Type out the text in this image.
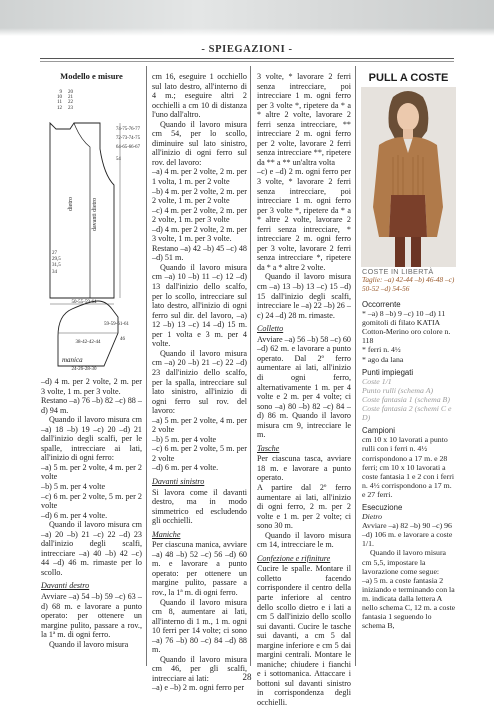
- SPIEGAZIONI -
Modello e misure
9
10
11
12
20
21
22
23
74-75-76-77
72-73-74-75
64-65-66-67
54
27
29,5
31,5
34
dietro	davanti dietro
50-55-59-64
59-59-61-61
38-42-42-44
46
manica
24-26-28-30

–d) 4 m. per 2 volte, 2 m. per 3 volte, 1 m. per 3 volte.

Restano –a) 76 –b) 82 –c) 88 –d) 94 m.

Quando il lavoro misura cm –a) 18 –b) 19 –c) 20 –d) 21 dall'inizio degli scalfi, per le spalle, intrecciare ai lati, all'inizio di ogni ferro:

–a) 5 m. per 2 volte, 4 m. per 2 volte

–b) 5 m. per 4 volte

–c) 6 m. per 2 volte, 5 m. per 2 volte

–d) 6 m. per 4 volte.

Quando il lavoro misura cm –a) 20 –b) 21 –c) 22 –d) 23 dall'inizio degli scalfi, intrecciare –a) 40 –b) 42 –c) 44 –d) 46 m. rimaste per lo scollo.

Davanti destro

Avviare –a) 54 –b) 59 –c) 63 –d) 68 m. e lavorare a punto operato: per ottenere un margine pulito, passare a rov., la 1ª m. di ogni ferro.

Quando il lavoro misura

cm 16, eseguire 1 occhiello sul lato destro, all'interno di 4 m.; eseguire altri 2 occhielli a cm 10 di distanza l'uno dall'altro.

Quando il lavoro misura cm 54, per lo scollo, diminuire sul lato sinistro, all'inizio di ogni ferro sul rov. del lavoro:

–a) 4 m. per 2 volte, 2 m. per 1 volta, 1 m. per 2 volte

–b) 4 m. per 2 volte, 2 m. per 2 volte, 1 m. per 2 volte

–c) 4 m. per 2 volte, 2 m. per 2 volte, 1 m. per 3 volte

–d) 4 m. per 2 volte, 2 m. per 3 volte, 1 m. per 3 volte.

Restano –a) 42 –b) 45 –c) 48 –d) 51 m.

Quando il lavoro misura cm –a) 10 –b) 11 –c) 12 –d) 13 dall'inizio dello scalfo, per lo scollo, intrecciare sul lato destro, all'inizio di ogni ferro sul dir. del lavoro, –a) 12 –b) 13 –c) 14 –d) 15 m. per 1 volta e 3 m. per 4 volte.

Quando il lavoro misura cm –a) 20 –b) 21 –c) 22 –d) 23 dall'inizio dello scalfo, per la spalla, intrecciare sul lato sinistro, all'inizio di ogni ferro sul rov. del lavoro:

–a) 5 m. per 2 volte, 4 m. per 2 volte

–b) 5 m. per 4 volte

–c) 6 m. per 2 volte, 5 m. per 2 volte

–d) 6 m. per 4 volte.

Davanti sinistro

Si lavora come il davanti destro, ma in modo simmetrico ed escludendo gli occhielli.

Maniche

Per ciascuna manica, avviare –a) 48 –b) 52 –c) 56 –d) 60 m. e lavorare a punto operato: per ottenere un margine pulito, passare a rov., la 1ª m. di ogni ferro.

Quando il lavoro misura cm 8, aumentare ai lati, all'interno di 1 m., 1 m. ogni 10 ferri per 14 volte; ci sono –a) 76 –b) 80 –c) 84 –d) 88 m.

Quando il lavoro misura cm 46, per gli scalfi, intrecciare ai lati:

–a) e –b) 2 m. ogni ferro per

3 volte, * lavorare 2 ferri senza intrecciare, poi intrecciare 1 m. ogni ferro per 3 volte *, ripetere da * a * altre 2 volte, lavorare 2 ferri senza intrecciare, ** intrecciare 2 m. ogni ferro per 2 volte, lavorare 2 ferri senza intrecciare **, ripetere da ** a ** un'altra volta

–c) e –d) 2 m. ogni ferro per 3 volte, * lavorare 2 ferri senza intrecciare, poi intrecciare 1 m. ogni ferro per 3 volte *, ripetere da * a * altre 2 volte, lavorare 2 ferri senza intrecciare, * intrecciare 2 m. ogni ferro per 3 volte, lavorare 2 ferri senza intrecciare *, ripetere da * a * altre 2 volte.

Quando il lavoro misura cm –a) 13 –b) 13 –c) 15 –d) 15 dall'inizio degli scalfi, intrecciare le –a) 22 –b) 26 –c) 24 –d) 28 m. rimaste.

Colletto

Avviare –a) 56 –b) 58 –c) 60 –d) 62 m. e lavorare a punto operato. Dal 2º ferro aumentare ai lati, all'inizio di ogni ferro, alternativamente 1 m. per 4 volte e 2 m. per 4 volte; ci sono –a) 80 –b) 82 –c) 84 –d) 86 m. Quando il lavoro misura cm 9, intrecciare le m.

Tasche

Per ciascuna tasca, avviare 18 m. e lavorare a punto operato.

A partire dal 2º ferro aumentare ai lati, all'inizio di ogni ferro, 2 m. per 2 volte e 1 m. per 2 volte; ci sono 30 m.

Quando il lavoro misura cm 14, intrecciare le m.

Confezione e rifiniture

Cucire le spalle. Montare il colletto facendo corrispondere il centro della parte inferiore al centro dello scollo dietro e i lati a cm 5 dall'inizio dello scollo sui davanti. Cucire le tasche sui davanti, a cm 5 dal margine inferiore e cm 5 dai margini centrali. Montare le maniche; chiudere i fianchi e i sottomanica. Attaccare i bottoni sul davanti sinistro in corrispondenza degli occhielli.

PULL A COSTE
COSTE IN LIBERTÀ
Taglie: –a) 42-44 –b) 46-48 –c) 50-52 –d) 54-56

Occorrente

* –a) 8 –b) 9 –c) 10 –d) 11 gomitoli di filato KATIA Cotton-Merino oro colore n. 118

* ferri n. 4½

* ago da lana

Punti impiegati

Coste 1/1

Punto rulli (schema A)

Coste fantasia 1 (schema B)

Coste fantasia 2 (schemi C e D)

Campioni

cm 10 x 10 lavorati a punto rulli con i ferri n. 4½ corrispondono a 17 m. e 28 ferri; cm 10 x 10 lavorati a coste fantasia 1 e 2 con i ferri n. 4½ corrispondono a 17 m. e 27 ferri.

Esecuzione

Dietro

Avviare –a) 82 –b) 90 –c) 96 –d) 106 m. e lavorare a coste 1/1.

Quando il lavoro misura cm 5,5, impostare la lavorazione come segue:

–a) 5 m. a coste fantasia 2 iniziando e terminando con la m. indicata dalla lettera A nello schema C, 12 m. a coste fantasia 1 seguendo lo schema B,

28
